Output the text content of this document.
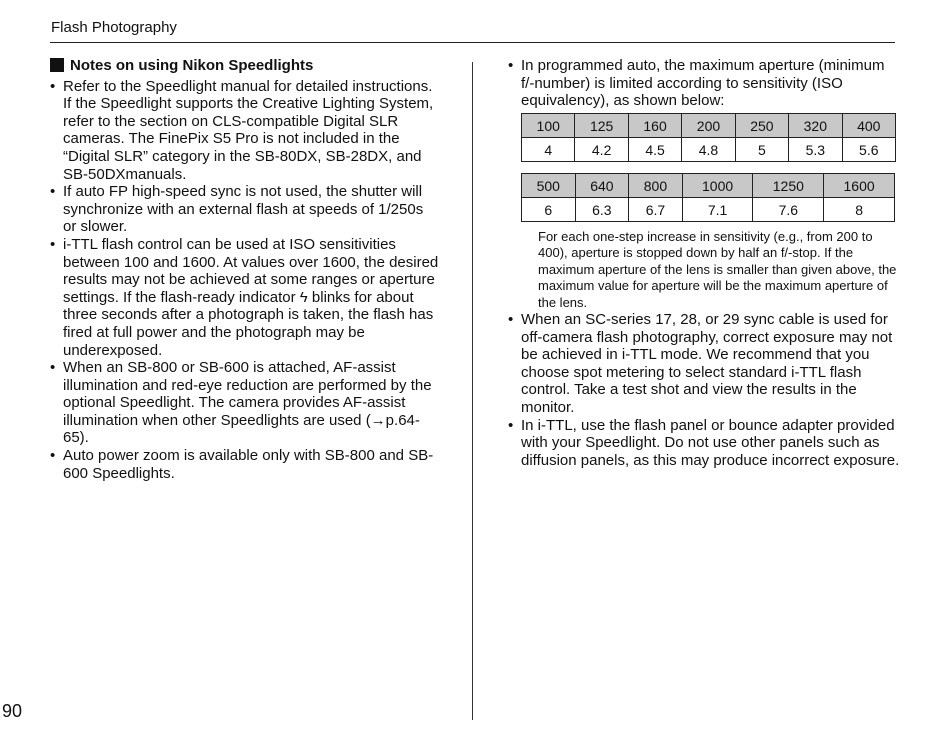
Flash Photography
Notes on using Nikon Speedlights
• Refer to the Speedlight manual for detailed instructions. If the Speedlight supports the Creative Lighting System, refer to the section on CLS-compatible Digital SLR cameras. The FinePix S5 Pro is not included in the “Digital SLR” category in the SB-80DX, SB-28DX, and SB-50DXmanuals.
• If auto FP high-speed sync is not used, the shutter will synchronize with an external flash at speeds of 1/250s or slower.
• i-TTL flash control can be used at ISO sensitivities between 100 and 1600. At values over 1600, the desired results may not be achieved at some ranges or aperture settings. If the flash-ready indicator ϟ blinks for about three seconds after a photograph is taken, the flash has fired at full power and the photograph may be underexposed.
• When an SB-800 or SB-600 is attached, AF-assist illumination and red-eye reduction are performed by the optional Speedlight. The camera provides AF-assist illumination when other Speedlights are used (→p.64-65).
• Auto power zoom is available only with SB-800 and SB-600 Speedlights.
• In programmed auto, the maximum aperture (minimum f/-number) is limited according to sensitivity (ISO equivalency), as shown below:
100	125	160	200	250	320	400
4	4.2	4.5	4.8	5	5.3	5.6
500	640	800	1000	1250	1600
6	6.3	6.7	7.1	7.6	8
For each one-step increase in sensitivity (e.g., from 200 to 400), aperture is stopped down by half an f/-stop. If the maximum aperture of the lens is smaller than given above, the maximum value for aperture will be the maximum aperture of the lens.
• When an SC-series 17, 28, or 29 sync cable is used for off-camera flash photography, correct exposure may not be achieved in i-TTL mode. We recommend that you choose spot metering to select standard i-TTL flash control. Take a test shot and view the results in the monitor.
• In i-TTL, use the flash panel or bounce adapter provided with your Speedlight. Do not use other panels such as diffusion panels, as this may produce incorrect exposure.
90
